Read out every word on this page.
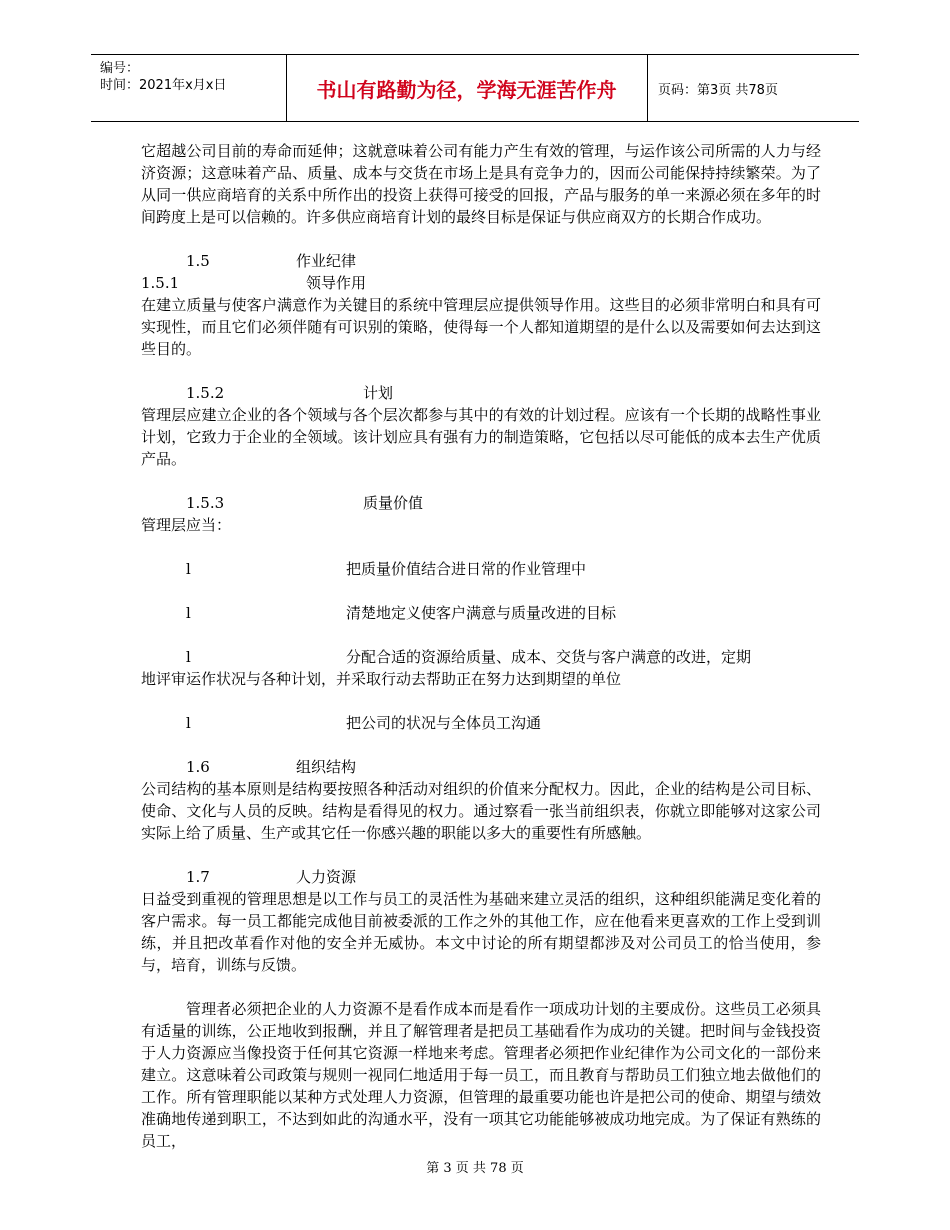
编号：
时间：2021年x月x日	书山有路勤为径，学海无涯苦作舟	页码：第3页 共78页

它超越公司目前的寿命而延伸；这就意味着公司有能力产生有效的管理，与运作该公司所需的人力与经济资源；这意味着产品、质量、成本与交货在市场上是具有竞争力的，因而公司能保持持续繁荣。为了从同一供应商培育的关系中所作出的投资上获得可接受的回报，产品与服务的单一来源必须在多年的时间跨度上是可以信赖的。许多供应商培育计划的最终目标是保证与供应商双方的长期合作成功。

1.5	作业纪律
1.5.1	领导作用

在建立质量与使客户满意作为关键目的系统中管理层应提供领导作用。这些目的必须非常明白和具有可实现性，而且它们必须伴随有可识别的策略，使得每一个人都知道期望的是什么以及需要如何去达到这些目的。

1.5.2	计划

管理层应建立企业的各个领域与各个层次都参与其中的有效的计划过程。应该有一个长期的战略性事业计划，它致力于企业的全领域。该计划应具有强有力的制造策略，它包括以尽可能低的成本去生产优质产品。

1.5.3	质量价值

管理层应当：

l	把质量价值结合进日常的作业管理中
l	清楚地定义使客户满意与质量改进的目标
l	分配合适的资源给质量、成本、交货与客户满意的改进，定期

地评审运作状况与各种计划，并采取行动去帮助正在努力达到期望的单位

l	把公司的状况与全体员工沟通
1.6	组织结构

公司结构的基本原则是结构要按照各种活动对组织的价值来分配权力。因此，企业的结构是公司目标、使命、文化与人员的反映。结构是看得见的权力。通过察看一张当前组织表，你就立即能够对这家公司实际上给了质量、生产或其它任一你感兴趣的职能以多大的重要性有所感触。

1.7	人力资源

日益受到重视的管理思想是以工作与员工的灵活性为基础来建立灵活的组织，这种组织能满足变化着的客户需求。每一员工都能完成他目前被委派的工作之外的其他工作，应在他看来更喜欢的工作上受到训练，并且把改革看作对他的安全并无威协。本文中讨论的所有期望都涉及对公司员工的恰当使用，参与，培育，训练与反馈。

管理者必须把企业的人力资源不是看作成本而是看作一项成功计划的主要成份。这些员工必须具有适量的训练，公正地收到报酬，并且了解管理者是把员工基础看作为成功的关键。把时间与金钱投资于人力资源应当像投资于任何其它资源一样地来考虑。管理者必须把作业纪律作为公司文化的一部份来建立。这意味着公司政策与规则一视同仁地适用于每一员工，而且教育与帮助员工们独立地去做他们的工作。所有管理职能以某种方式处理人力资源，但管理的最重要功能也许是把公司的使命、期望与绩效准确地传递到职工，不达到如此的沟通水平，没有一项其它功能能够被成功地完成。为了保证有熟练的员工，

第 3 页 共 78 页
